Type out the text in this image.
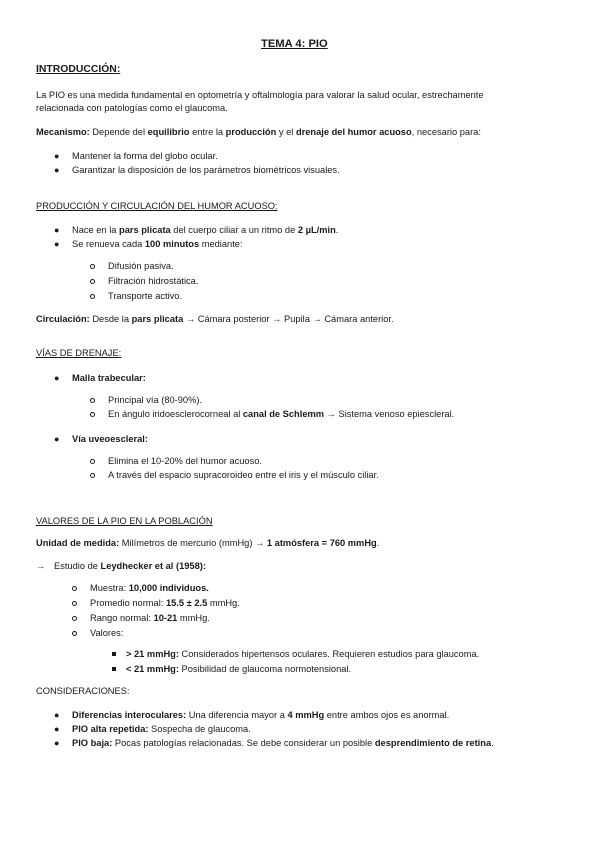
TEMA 4: PIO
INTRODUCCIÓN:
La PIO es una medida fundamental en optometría y oftalmología para valorar la salud ocular, estrechamente
relacionada con patologías como el glaucoma.
Mecanismo: Depende del equilibrio entre la producción y el drenaje del humor acuoso, necesario para:
● Mantener la forma del globo ocular.
● Garantizar la disposición de los parámetros biométricos visuales.
PRODUCCIÓN Y CIRCULACIÓN DEL HUMOR ACUOSO:
● Nace en la pars plicata del cuerpo ciliar a un ritmo de 2 µL/min.
● Se renueva cada 100 minutos mediante:
Difusión pasiva.
Filtración hidrostática.
Transporte activo.
Circulación: Desde la pars plicata → Cámara posterior → Pupila → Cámara anterior.
VÍAS DE DRENAJE:
● Malla trabecular:
Principal vía (80-90%).
En ángulo iridoesclerocorneal al canal de Schlemm → Sistema venoso epiescleral.
● Vía uveoescleral:
Elimina el 10-20% del humor acuoso.
A través del espacio supracoroideo entre el iris y el músculo ciliar.
VALORES DE LA PIO EN LA POBLACIÓN
Unidad de medida: Milímetros de mercurio (mmHg) → 1 atmósfera = 760 mmHg.
→ Estudio de Leydhecker et al (1958):
Muestra: 10,000 individuos.
Promedio normal: 15.5 ± 2.5 mmHg.
Rango normal: 10-21 mmHg.
Valores:
> 21 mmHg: Considerados hipertensos oculares. Requieren estudios para glaucoma.
< 21 mmHg: Posibilidad de glaucoma normotensional.
CONSIDERACIONES:
● Diferencias interoculares: Una diferencia mayor a 4 mmHg entre ambos ojos es anormal.
● PIO alta repetida: Sospecha de glaucoma.
● PIO baja: Pocas patologías relacionadas. Se debe considerar un posible desprendimiento de retina.
